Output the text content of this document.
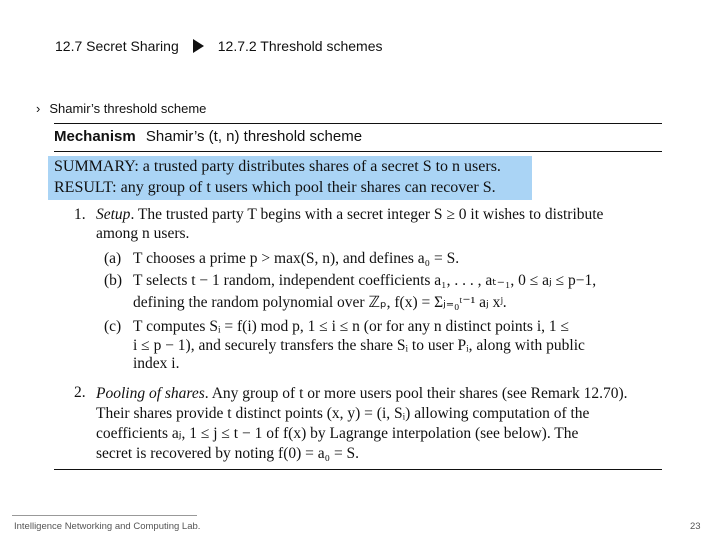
12.7 Secret Sharing	12.7.2 Threshold schemes
› Shamir’s threshold scheme
Mechanism Shamir’s (t, n) threshold scheme
SUMMARY: a trusted party distributes shares of a secret S to n users.
RESULT: any group of t users which pool their shares can recover S.
1. Setup. The trusted party T begins with a secret integer S ≥ 0 it wishes to distribute
among n users.
(a) T chooses a prime p > max(S, n), and defines a₀ = S.
(b) T selects t − 1 random, independent coefficients a₁, . . . , aₜ₋₁, 0 ≤ aⱼ ≤ p−1,
defining the random polynomial over ℤₚ, f(x) = Σⱼ₌₀ᵗ⁻¹ aⱼ xʲ.
(c) T computes Sᵢ = f(i) mod p, 1 ≤ i ≤ n (or for any n distinct points i, 1 ≤
i ≤ p − 1), and securely transfers the share Sᵢ to user Pᵢ, along with public
index i.
2. Pooling of shares. Any group of t or more users pool their shares (see Remark 12.70).
Their shares provide t distinct points (x, y) = (i, Sᵢ) allowing computation of the
coefficients aⱼ, 1 ≤ j ≤ t − 1 of f(x) by Lagrange interpolation (see below). The
secret is recovered by noting f(0) = a₀ = S.
Intelligence Networking and Computing Lab.	23
